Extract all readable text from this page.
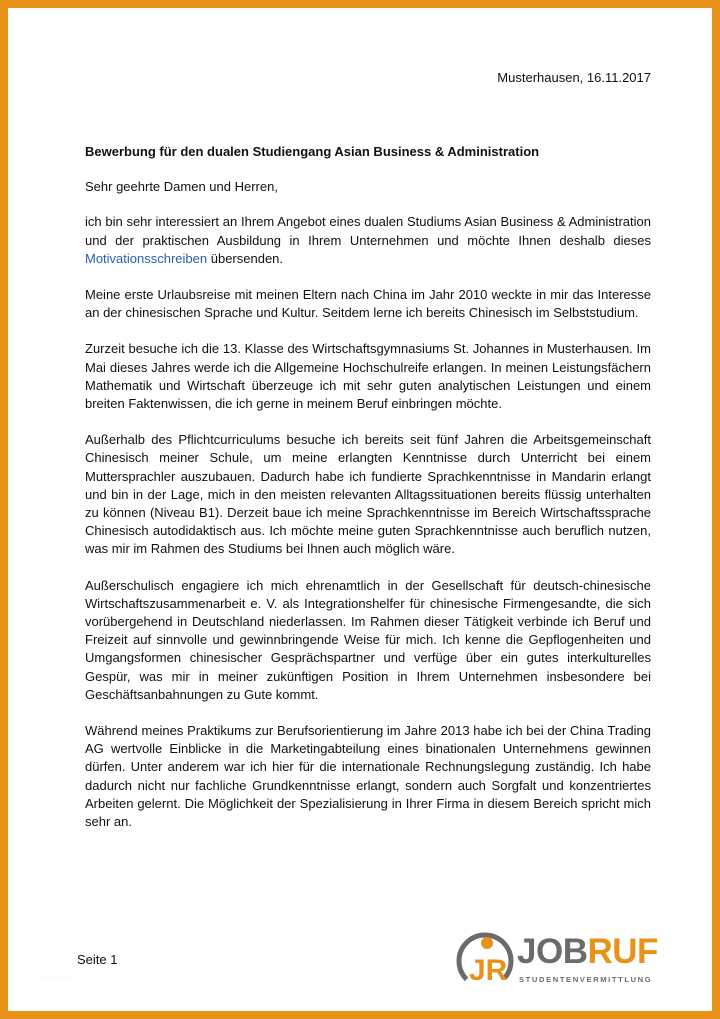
Musterhausen, 16.11.2017

Bewerbung für den dualen Studiengang Asian Business & Administration

Sehr geehrte Damen und Herren,

ich bin sehr interessiert an Ihrem Angebot eines dualen Studiums Asian Business & Administration und der praktischen Ausbildung in Ihrem Unternehmen und möchte Ihnen deshalb dieses Motivationsschreiben übersenden.

Meine erste Urlaubsreise mit meinen Eltern nach China im Jahr 2010 weckte in mir das Interesse an der chinesischen Sprache und Kultur. Seitdem lerne ich bereits Chinesisch im Selbststudium.

Zurzeit besuche ich die 13. Klasse des Wirtschaftsgymnasiums St. Johannes in Musterhausen. Im Mai dieses Jahres werde ich die Allgemeine Hochschulreife erlangen. In meinen Leistungsfächern Mathematik und Wirtschaft überzeuge ich mit sehr guten analytischen Leistungen und einem breiten Faktenwissen, die ich gerne in meinem Beruf einbringen möchte.

Außerhalb des Pflichtcurriculums besuche ich bereits seit fünf Jahren die Arbeitsgemeinschaft Chinesisch meiner Schule, um meine erlangten Kenntnisse durch Unterricht bei einem Muttersprachler auszubauen. Dadurch habe ich fundierte Sprachkenntnisse in Mandarin erlangt und bin in der Lage, mich in den meisten relevanten Alltagssituationen bereits flüssig unterhalten zu können (Niveau B1). Derzeit baue ich meine Sprachkenntnisse im Bereich Wirtschaftssprache Chinesisch autodidaktisch aus. Ich möchte meine guten Sprachkenntnisse auch beruflich nutzen, was mir im Rahmen des Studiums bei Ihnen auch möglich wäre.

Außerschulisch engagiere ich mich ehrenamtlich in der Gesellschaft für deutsch-chinesische Wirtschaftszusammenarbeit e. V. als Integrationshelfer für chinesische Firmengesandte, die sich vorübergehend in Deutschland niederlassen. Im Rahmen dieser Tätigkeit verbinde ich Beruf und Freizeit auf sinnvolle und gewinnbringende Weise für mich. Ich kenne die Gepflogenheiten und Umgangsformen chinesischer Gesprächspartner und verfüge über ein gutes interkulturelles Gespür, was mir in meiner zukünftigen Position in Ihrem Unternehmen insbesondere bei Geschäftsanbahnungen zu Gute kommt.

Während meines Praktikums zur Berufsorientierung im Jahre 2013 habe ich bei der China Trading AG wertvolle Einblicke in die Marketingabteilung eines binationalen Unternehmens gewinnen dürfen. Unter anderem war ich hier für die internationale Rechnungslegung zuständig. Ich habe dadurch nicht nur fachliche Grundkenntnisse erlangt, sondern auch Sorgfalt und konzentriertes Arbeiten gelernt. Die Möglichkeit der Spezialisierung in Ihrer Firma in diesem Bereich spricht mich sehr an.

Seite 1
· · · · · · · · · ·	JR JOBRUF
STUDENTENVERMITTLUNG
